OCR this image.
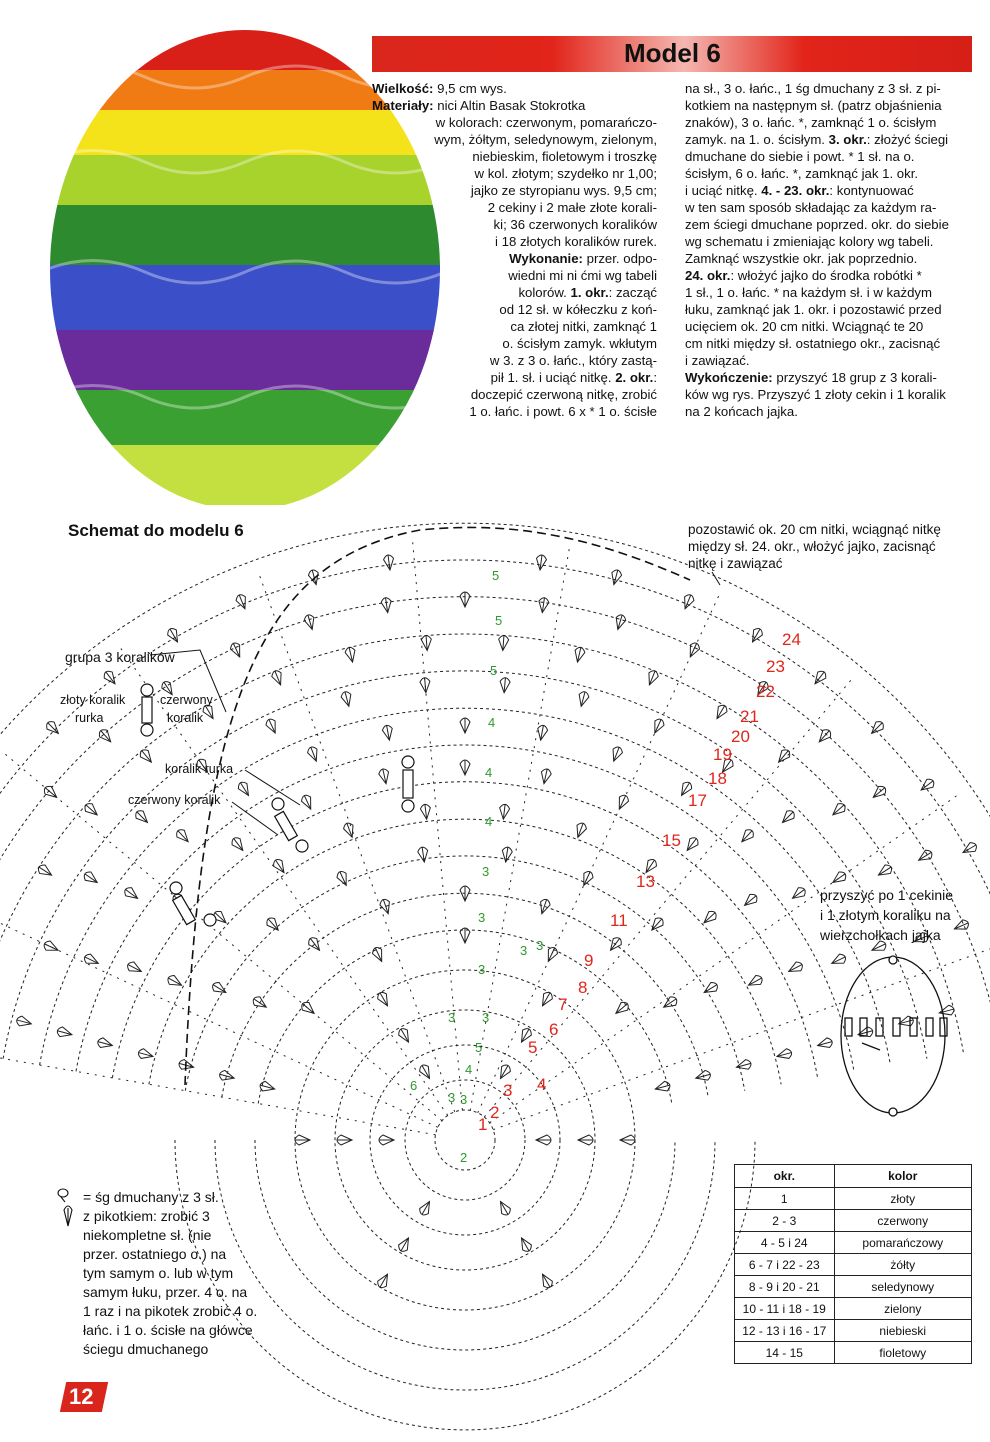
Model 6

Wielkość: 9,5 cm wys.

Materiały: nici Altin Basak Stokrotka

w kolorach: czerwonym, pomarańczo-

wym, żółtym, seledynowym, zielonym,

niebieskim, fioletowym i troszkę

w kol. złotym; szydełko nr 1,00;

jajko ze styropianu wys. 9,5 cm;

2 cekiny i 2 małe złote korali-

ki; 36 czerwonych koralików

i 18 złotych koralików rurek.

Wykonanie: przer. odpo-

wiedni mi ni ćmi wg tabeli

kolorów. 1. okr.: zacząć

od 12 sł. w kółeczku z koń-

ca złotej nitki, zamknąć 1

o. ścisłym zamyk. wkłutym

w 3. z 3 o. łańc., który zastą-

pił 1. sł. i uciąć nitkę. 2. okr.:

doczepić czerwoną nitkę, zrobić

1 o. łańc. i powt. 6 x * 1 o. ścisłe

na sł., 3 o. łańc., 1 śg dmuchany z 3 sł. z pi-

kotkiem na następnym sł. (patrz objaśnienia

znaków), 3 o. łańc. *, zamknąć 1 o. ścisłym

zamyk. na 1. o. ścisłym. 3. okr.: złożyć ściegi

dmuchane do siebie i powt. * 1 sł. na o.

ścisłym, 6 o. łańc. *, zamknąć jak 1. okr.

i uciąć nitkę. 4. - 23. okr.: kontynuować

w ten sam sposób składając za każdym ra-

zem ściegi dmuchane poprzed. okr. do siebie

wg schematu i zmieniając kolory wg tabeli.

Zamknąć wszystkie okr. jak poprzednio.

24. okr.: włożyć jajko do środka robótki *

1 sł., 1 o. łańc. * na każdym sł. i w każdym

łuku, zamknąć jak 1. okr. i pozostawić przed

ucięciem ok. 20 cm nitki. Wciągnąć te 20

cm nitki między sł. ostatniego okr., zacisnąć

i zawiązać.

Wykończenie: przyszyć 18 grup z 3 korali-

ków wg rys. Przyszyć 1 złoty cekin i 1 koralik

na 2 końcach jajka.

Schemat do modelu 6
24
23
22
21
20
19
18
17
15
13
11
9
8
7
6
5
4
3
2
1
5
5
5
4
4
4
3
3
3
3 3
3
3
5
4
3 3
6
2
pozostawić ok. 20 cm nitki, wciągnąć nitkę
między sł. 24. okr., włożyć jajko, zacisnąć
nitkę i zawiązać
grupa 3 koralików
złoty koralik
rurka
czerwony
koralik
koralik rurka
czerwony koralik
przyszyć po 1 cekinie
i 1 złotym koraliku na
wierzchołkach jajka
= śg dmuchany z 3 sł.
z pikotkiem: zrobić 3
niekompletne sł. (nie
przer. ostatniego o.) na
tym samym o. lub w tym
samym łuku, przer. 4 o. na
1 raz i na pikotek zrobić 4 o.
łańc. i 1 o. ścisłe na główce
ściegu dmuchanego
okr.	kolor
1	złoty
2 - 3	czerwony
4 - 5 i 24	pomarańczowy
6 - 7 i 22 - 23	żółty
8 - 9 i 20 - 21	seledynowy
10 - 11 i 18 - 19	zielony
12 - 13 i 16 - 17	niebieski
14 - 15	fioletowy
12
